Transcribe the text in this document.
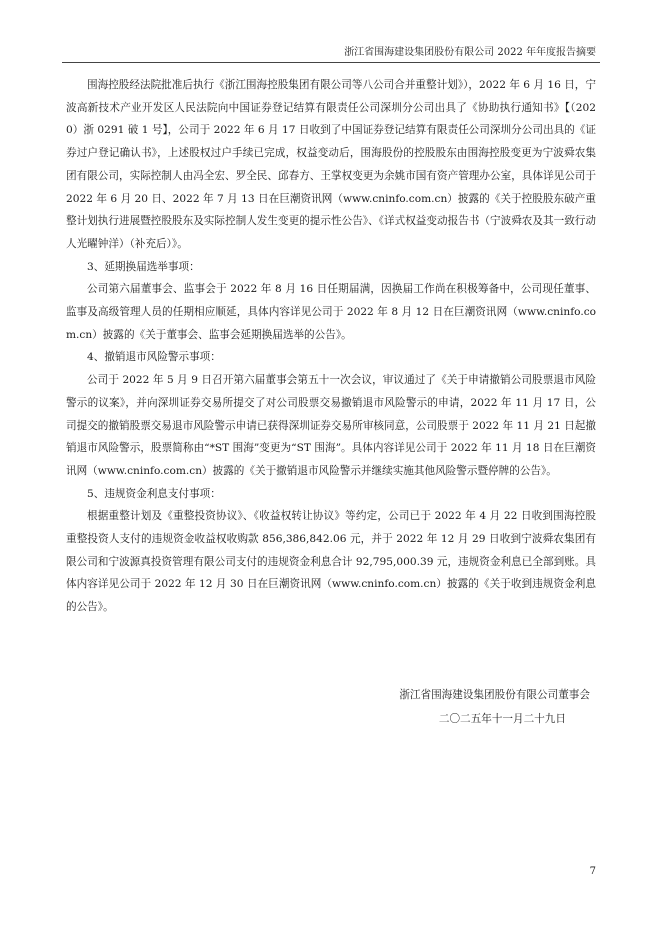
浙江省围海建设集团股份有限公司 2022 年年度报告摘要

围海控股经法院批准后执行《浙江围海控股集团有限公司等八公司合并重整计划》），2022 年 6 月 16 日，宁波高新技术产业开发区人民法院向中国证券登记结算有限责任公司深圳分公司出具了《协助执行通知书》【（2020）浙 0291 破 1 号】，公司于 2022 年 6 月 17 日收到了中国证券登记结算有限责任公司深圳分公司出具的《证券过户登记确认书》，上述股权过户手续已完成，权益变动后，围海股份的控股股东由围海控股变更为宁波舜农集团有限公司，实际控制人由冯全宏、罗全民、邱春方、王掌权变更为余姚市国有资产管理办公室，具体详见公司于 2022 年 6 月 20 日、2022 年 7 月 13 日在巨潮资讯网（www.cninfo.com.cn）披露的《关于控股股东破产重整计划执行进展暨控股股东及实际控制人发生变更的提示性公告》、《详式权益变动报告书（宁波舜农及其一致行动人光曜钟洋）（补充后）》。

3、延期换届选举事项：

公司第六届董事会、监事会于 2022 年 8 月 16 日任期届满，因换届工作尚在积极筹备中，公司现任董事、监事及高级管理人员的任期相应顺延，具体内容详见公司于 2022 年 8 月 12 日在巨潮资讯网（www.cninfo.com.cn）披露的《关于董事会、监事会延期换届选举的公告》。

4、撤销退市风险警示事项：

公司于 2022 年 5 月 9 日召开第六届董事会第五十一次会议，审议通过了《关于申请撤销公司股票退市风险警示的议案》，并向深圳证券交易所提交了对公司股票交易撤销退市风险警示的申请，2022 年 11 月 17 日，公司提交的撤销股票交易退市风险警示申请已获得深圳证券交易所审核同意，公司股票于 2022 年 11 月 21 日起撤销退市风险警示，股票简称由“*ST 围海”变更为“ST 围海”。具体内容详见公司于 2022 年 11 月 18 日在巨潮资讯网（www.cninfo.com.cn）披露的《关于撤销退市风险警示并继续实施其他风险警示暨停牌的公告》。

5、违规资金利息支付事项：

根据重整计划及《重整投资协议》、《收益权转让协议》等约定，公司已于 2022 年 4 月 22 日收到围海控股重整投资人支付的违规资金收益权收购款 856,386,842.06 元，并于 2022 年 12 月 29 日收到宁波舜农集团有限公司和宁波源真投资管理有限公司支付的违规资金利息合计 92,795,000.39 元，违规资金利息已全部到账。具体内容详见公司于 2022 年 12 月 30 日在巨潮资讯网（www.cninfo.com.cn）披露的《关于收到违规资金利息的公告》。

浙江省围海建设集团股份有限公司董事会
二〇二五年十一月二十九日
7
